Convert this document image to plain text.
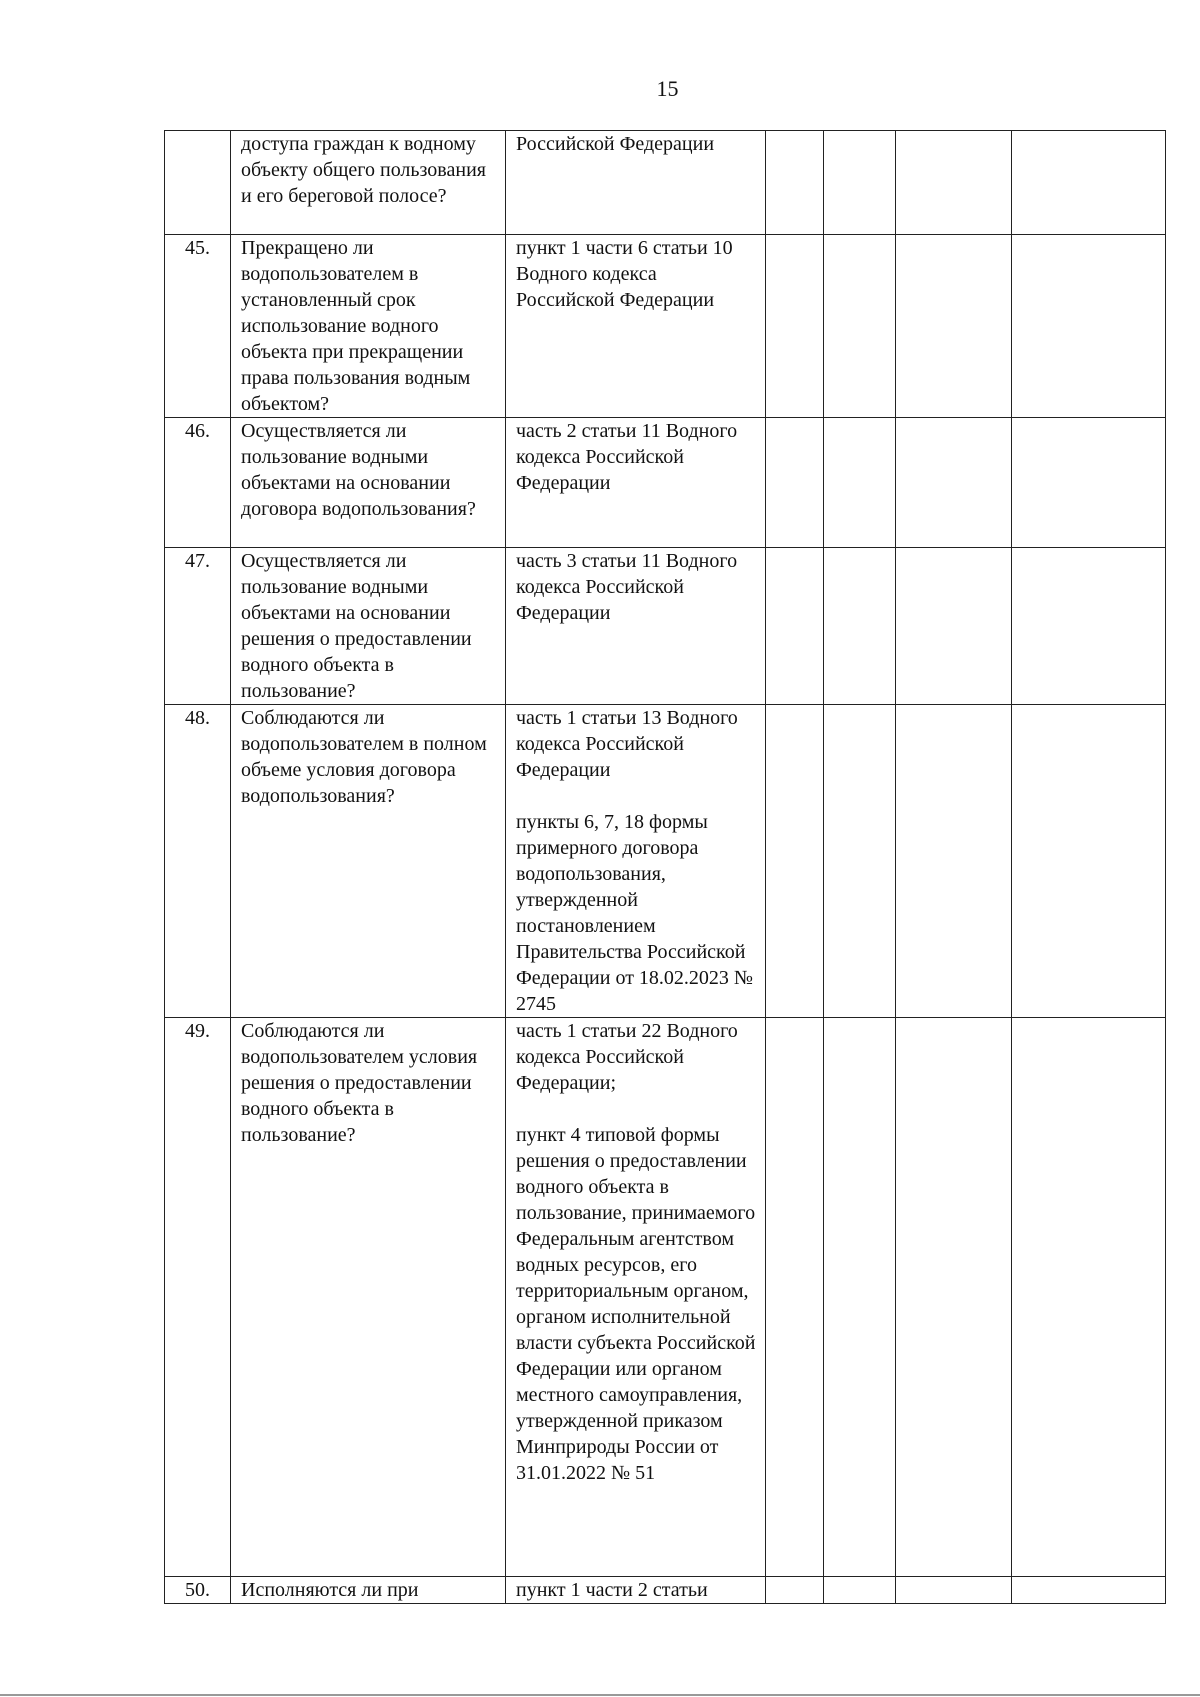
15
	доступа граждан к водному объекту общего пользования и его береговой полосе?	Российской Федерации				

45.	Прекращено ли водопользователем в установленный срок использование водного объекта при прекращении права пользования водным объектом?	пункт 1 части 6 статьи 10 Водного кодекса Российской Федерации				

46.	Осуществляется ли пользование водными объектами на основании договора водопользования?	часть 2 статьи 11 Водного кодекса Российской Федерации				

47.	Осуществляется ли пользование водными объектами на основании решения о предоставлении водного объекта в пользование?	часть 3 статьи 11 Водного кодекса Российской Федерации				

48.	Соблюдаются ли водопользователем в полном объеме условия договора водопользования?	часть 1 статьи 13 Водного кодекса Российской Федерации
пункты 6, 7, 18 формы примерного договора водопользования, утвержденной постановлением Правительства Российской Федерации от 18.02.2023 № 2745				

49.	Соблюдаются ли водопользователем условия решения о предоставлении водного объекта в пользование?	часть 1 статьи 22 Водного кодекса Российской Федерации;
пункт 4 типовой формы решения о предоставлении водного объекта в пользование, принимаемого Федеральным агентством водных ресурсов, его территориальным органом, органом исполнительной власти субъекта Российской Федерации или органом местного самоуправления, утвержденной приказом Минприроды России от 31.01.2022 № 51				

50.	Исполняются ли при	пункт 1 части 2 статьи				
